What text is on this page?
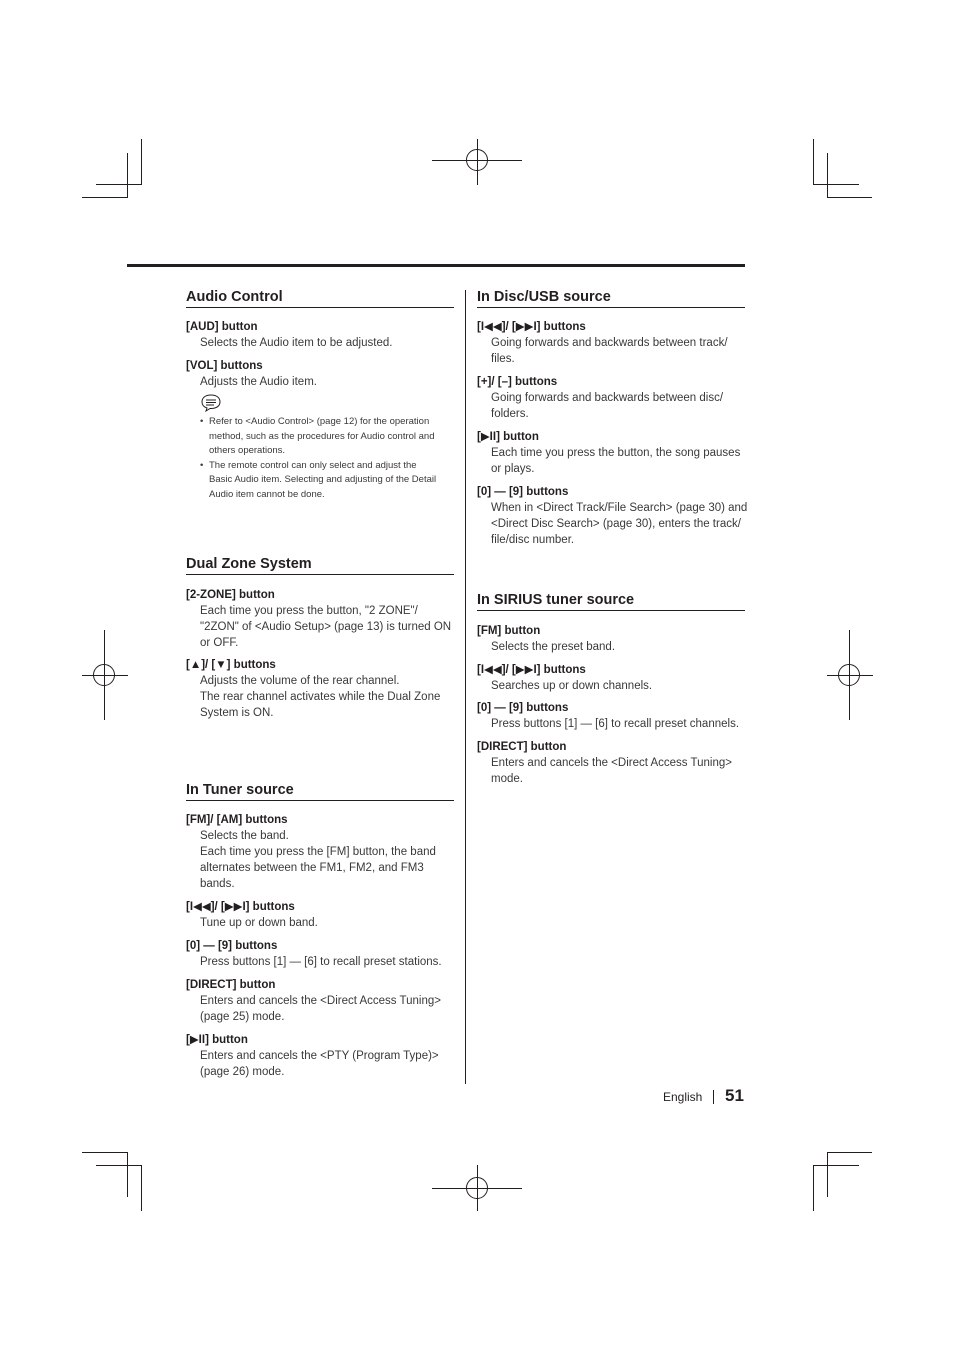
Audio Control
[AUD] button
Selects the Audio item to be adjusted.
[VOL] buttons
Adjusts the Audio item.
• Refer to <Audio Control> (page 12) for the operation
method, such as the procedures for Audio control and
others operations.
• The remote control can only select and adjust the
Basic Audio item. Selecting and adjusting of the Detail
Audio item cannot be done.
Dual Zone System
[2-ZONE] button
Each time you press the button, "2 ZONE"/
"2ZON" of <Audio Setup> (page 13) is turned ON
or OFF.
[▲]/ [▼] buttons
Adjusts the volume of the rear channel.
The rear channel activates while the Dual Zone
System is ON.
In Tuner source
[FM]/ [AM] buttons
Selects the band.
Each time you press the [FM] button, the band
alternates between the FM1, FM2, and FM3
bands.
[I◀◀]/ [▶▶I] buttons
Tune up or down band.
[0] — [9] buttons
Press buttons [1] — [6] to recall preset stations.
[DIRECT] button
Enters and cancels the <Direct Access Tuning>
(page 25) mode.
[▶II] button
Enters and cancels the <PTY (Program Type)>
(page 26) mode.
In Disc/USB source
[I◀◀]/ [▶▶I] buttons
Going forwards and backwards between track/
files.
[+]/ [–] buttons
Going forwards and backwards between disc/
folders.
[▶II] button
Each time you press the button, the song pauses
or plays.
[0] — [9] buttons
When in <Direct Track/File Search> (page 30) and
<Direct Disc Search> (page 30), enters the track/
file/disc number.
In SIRIUS tuner source
[FM] button
Selects the preset band.
[I◀◀]/ [▶▶I] buttons
Searches up or down channels.
[0] — [9] buttons
Press buttons [1] — [6] to recall preset channels.
[DIRECT] button
Enters and cancels the <Direct Access Tuning>
mode.
English 51
